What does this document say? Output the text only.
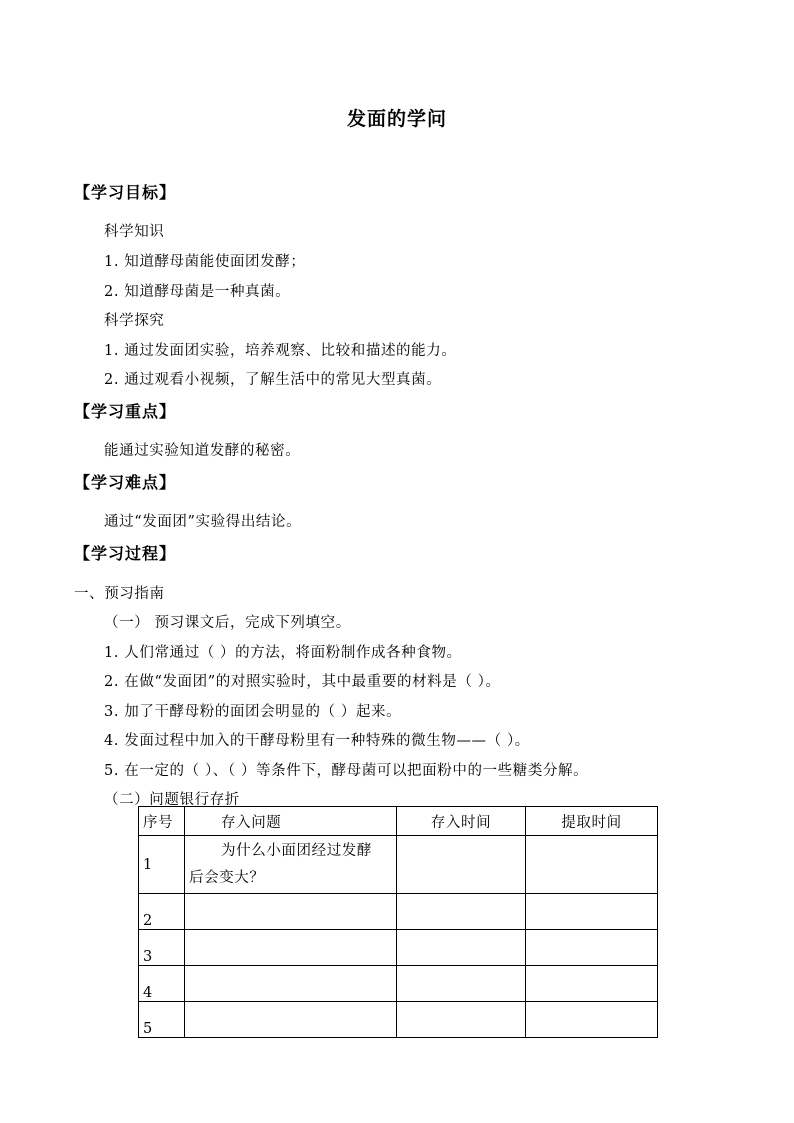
发面的学问
【学习目标】
科学知识
1. 知道酵母菌能使面团发酵；
2. 知道酵母菌是一种真菌。
科学探究
1. 通过发面团实验，培养观察、比较和描述的能力。
2. 通过观看小视频，了解生活中的常见大型真菌。
【学习重点】
能通过实验知道发酵的秘密。
【学习难点】
通过“发面团”实验得出结论。
【学习过程】
一、预习指南
（一） 预习课文后，完成下列填空。
1. 人们常通过（ ）的方法，将面粉制作成各种食物。
2. 在做“发面团”的对照实验时，其中最重要的材料是（ ）。
3. 加了干酵母粉的面团会明显的（ ）起来。
4. 发面过程中加入的干酵母粉里有一种特殊的微生物——（ ）。
5. 在一定的（ ）、（ ）等条件下，酵母菌可以把面粉中的一些糖类分解。
（二）问题银行存折
序号	存入问题	存入时间	提取时间
1	为什么小面团经过发酵
后会变大？		

2			
3			
4			
5			
